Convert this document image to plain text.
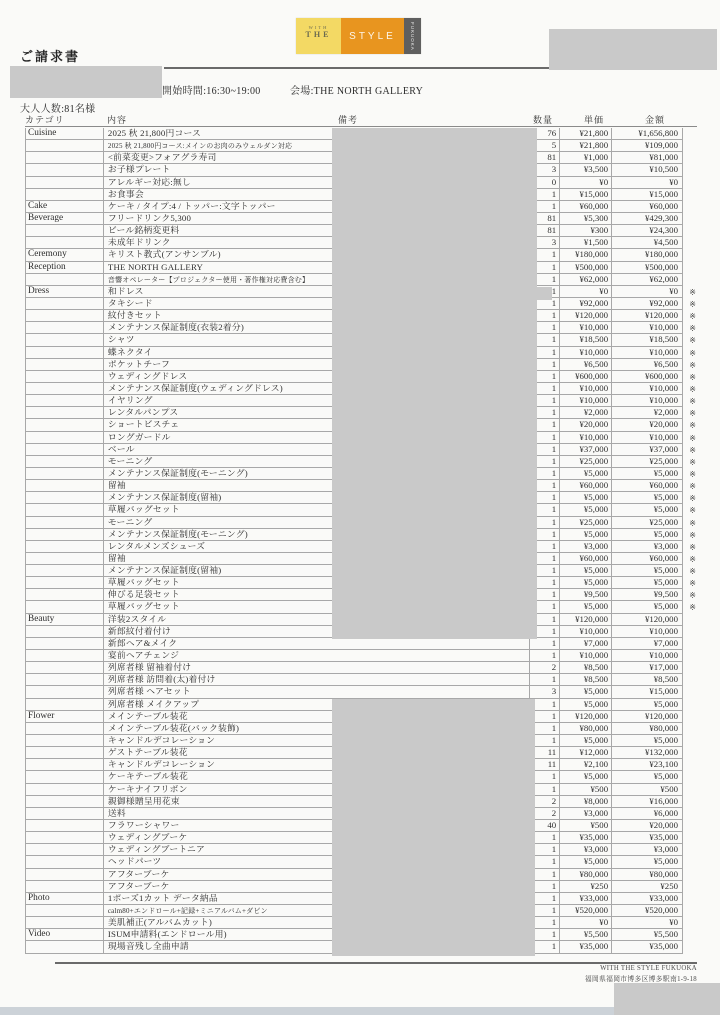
WITH
THE	STYLE	FUKUOKA
ご請求書
開始時間:16:30~19:00	会場:THE NORTH GALLERY
大人人数:81名様
カテゴリ	内容	備考	数量	単価	金額
Cuisine	2025 秋 21,800円コース	76	¥21,800	¥1,656,800
2025 秋 21,800円コース:メインのお肉のみウェルダン対応	5	¥21,800	¥109,000
<前菜変更>フォアグラ寿司	81	¥1,000	¥81,000
お子様プレート	3	¥3,500	¥10,500
アレルギー対応:無し	0	¥0	¥0
お食事会	1	¥15,000	¥15,000
Cake	ケーキ / タイプ:4 / トッパー:文字トッパー	1	¥60,000	¥60,000
Beverage	フリードリンク5,300	81	¥5,300	¥429,300
ビール銘柄変更料	81	¥300	¥24,300
未成年ドリンク	3	¥1,500	¥4,500
Ceremony	キリスト教式(アンサンブル)	1	¥180,000	¥180,000
Reception	THE NORTH GALLERY	1	¥500,000	¥500,000
音響オペレーター【プロジェクター使用・著作権対応費含む】	1	¥62,000	¥62,000
Dress	和ドレス	1	¥0	¥0	※
タキシード	1	¥92,000	¥92,000	※
紋付きセット	1	¥120,000	¥120,000	※
メンテナンス保証制度(衣装2着分)	1	¥10,000	¥10,000	※
シャツ	1	¥18,500	¥18,500	※
蝶ネクタイ	1	¥10,000	¥10,000	※
ポケットチーフ	1	¥6,500	¥6,500	※
ウェディングドレス	1	¥600,000	¥600,000	※
メンテナンス保証制度(ウェディングドレス)	1	¥10,000	¥10,000	※
イヤリング	1	¥10,000	¥10,000	※
レンタルパンプス	1	¥2,000	¥2,000	※
ショートビスチェ	1	¥20,000	¥20,000	※
ロングガードル	1	¥10,000	¥10,000	※
ベール	1	¥37,000	¥37,000	※
モーニング	1	¥25,000	¥25,000	※
メンテナンス保証制度(モーニング)	1	¥5,000	¥5,000	※
留袖	1	¥60,000	¥60,000	※
メンテナンス保証制度(留袖)	1	¥5,000	¥5,000	※
草履バッグセット	1	¥5,000	¥5,000	※
モーニング	1	¥25,000	¥25,000	※
メンテナンス保証制度(モーニング)	1	¥5,000	¥5,000	※
レンタルメンズシューズ	1	¥3,000	¥3,000	※
留袖	1	¥60,000	¥60,000	※
メンテナンス保証制度(留袖)	1	¥5,000	¥5,000	※
草履バッグセット	1	¥5,000	¥5,000	※
伸びる足袋セット	1	¥9,500	¥9,500	※
草履バッグセット	1	¥5,000	¥5,000	※
Beauty	洋装2スタイル	1	¥120,000	¥120,000
新郎紋付着付け	1	¥10,000	¥10,000
新郎ヘア&メイク	1	¥7,000	¥7,000
宴前ヘアチェンジ	1	¥10,000	¥10,000
列席者様 留袖着付け	2	¥8,500	¥17,000
列席者様 訪問着(太)着付け	1	¥8,500	¥8,500
列席者様 ヘアセット	3	¥5,000	¥15,000
列席者様 メイクアップ	1	¥5,000	¥5,000
Flower	メインテーブル装花	1	¥120,000	¥120,000
メインテーブル装花(バック装飾)	1	¥80,000	¥80,000
キャンドルデコレーション	1	¥5,000	¥5,000
ゲストテーブル装花	11	¥12,000	¥132,000
キャンドルデコレーション	11	¥2,100	¥23,100
ケーキテーブル装花	1	¥5,000	¥5,000
ケーキナイフリボン	1	¥500	¥500
親御様贈呈用花束	2	¥8,000	¥16,000
送料	2	¥3,000	¥6,000
フラワーシャワー	40	¥500	¥20,000
ウェディングブーケ	1	¥35,000	¥35,000
ウェディングブートニア	1	¥3,000	¥3,000
ヘッドパーツ	1	¥5,000	¥5,000
アフターブーケ	1	¥80,000	¥80,000
アフターブーケ	1	¥250	¥250
Photo	1ポーズ1カット データ納品	1	¥33,000	¥33,000
calm80+エンドロール+記録+ミニアルバム+ダビン	1	¥520,000	¥520,000
美肌補正(アルバムカット)	1	¥0	¥0
Video	ISUM申請料(エンドロール用)	1	¥5,500	¥5,500
現場音残し全曲申請	1	¥35,000	¥35,000
WITH THE STYLE FUKUOKA
福岡県福岡市博多区博多駅南1-9-18
